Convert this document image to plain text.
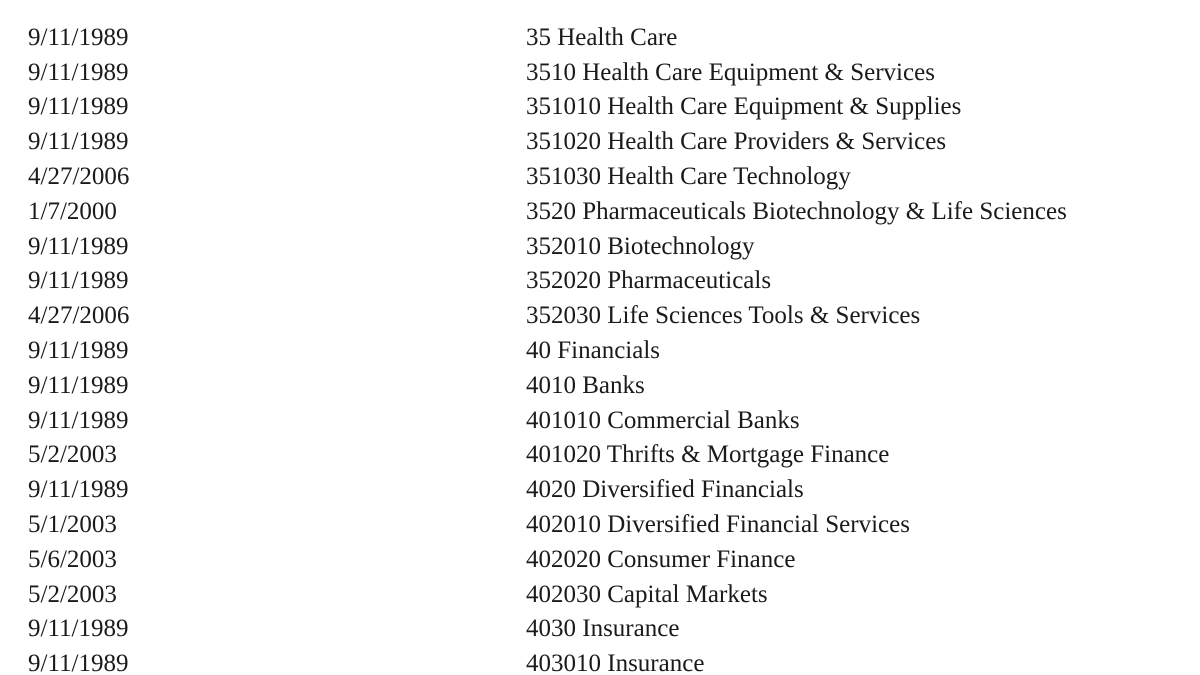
9/11/1989	35 Health Care
9/11/1989	3510 Health Care Equipment & Services
9/11/1989	351010 Health Care Equipment & Supplies
9/11/1989	351020 Health Care Providers & Services
4/27/2006	351030 Health Care Technology
1/7/2000	3520 Pharmaceuticals Biotechnology & Life Sciences
9/11/1989	352010 Biotechnology
9/11/1989	352020 Pharmaceuticals
4/27/2006	352030 Life Sciences Tools & Services
9/11/1989	40 Financials
9/11/1989	4010 Banks
9/11/1989	401010 Commercial Banks
5/2/2003	401020 Thrifts & Mortgage Finance
9/11/1989	4020 Diversified Financials
5/1/2003	402010 Diversified Financial Services
5/6/2003	402020 Consumer Finance
5/2/2003	402030 Capital Markets
9/11/1989	4030 Insurance
9/11/1989	403010 Insurance
